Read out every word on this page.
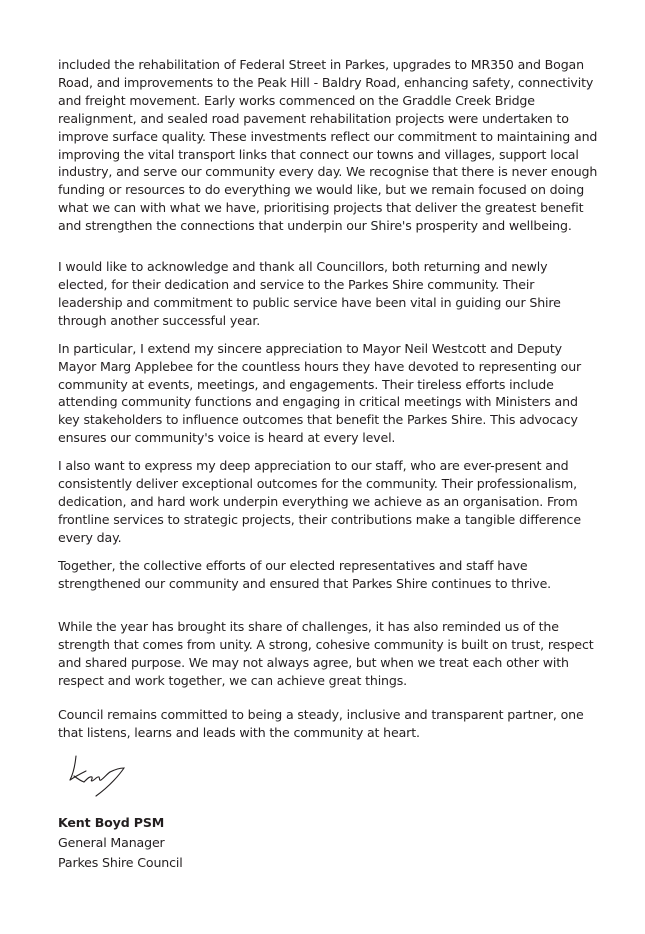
included the rehabilitation of Federal Street in Parkes, upgrades to MR350 and Bogan Road, and improvements to the Peak Hill - Baldry Road, enhancing safety, connectivity and freight movement. Early works commenced on the Graddle Creek Bridge realignment, and sealed road pavement rehabilitation projects were undertaken to improve surface quality. These investments reflect our commitment to maintaining and improving the vital transport links that connect our towns and villages, support local industry, and serve our community every day. We recognise that there is never enough funding or resources to do everything we would like, but we remain focused on doing what we can with what we have, prioritising projects that deliver the greatest benefit and strengthen the connections that underpin our Shire's prosperity and wellbeing.

I would like to acknowledge and thank all Councillors, both returning and newly elected, for their dedication and service to the Parkes Shire community. Their leadership and commitment to public service have been vital in guiding our Shire through another successful year.

In particular, I extend my sincere appreciation to Mayor Neil Westcott and Deputy Mayor Marg Applebee for the countless hours they have devoted to representing our community at events, meetings, and engagements. Their tireless efforts include attending community functions and engaging in critical meetings with Ministers and key stakeholders to influence outcomes that benefit the Parkes Shire. This advocacy ensures our community's voice is heard at every level.

I also want to express my deep appreciation to our staff, who are ever-present and consistently deliver exceptional outcomes for the community. Their professionalism, dedication, and hard work underpin everything we achieve as an organisation. From frontline services to strategic projects, their contributions make a tangible difference every day.

Together, the collective efforts of our elected representatives and staff have strengthened our community and ensured that Parkes Shire continues to thrive.

While the year has brought its share of challenges, it has also reminded us of the strength that comes from unity. A strong, cohesive community is built on trust, respect and shared purpose. We may not always agree, but when we treat each other with respect and work together, we can achieve great things.

Council remains committed to being a steady, inclusive and transparent partner, one that listens, learns and leads with the community at heart.

Kent Boyd PSM
General Manager
Parkes Shire Council
